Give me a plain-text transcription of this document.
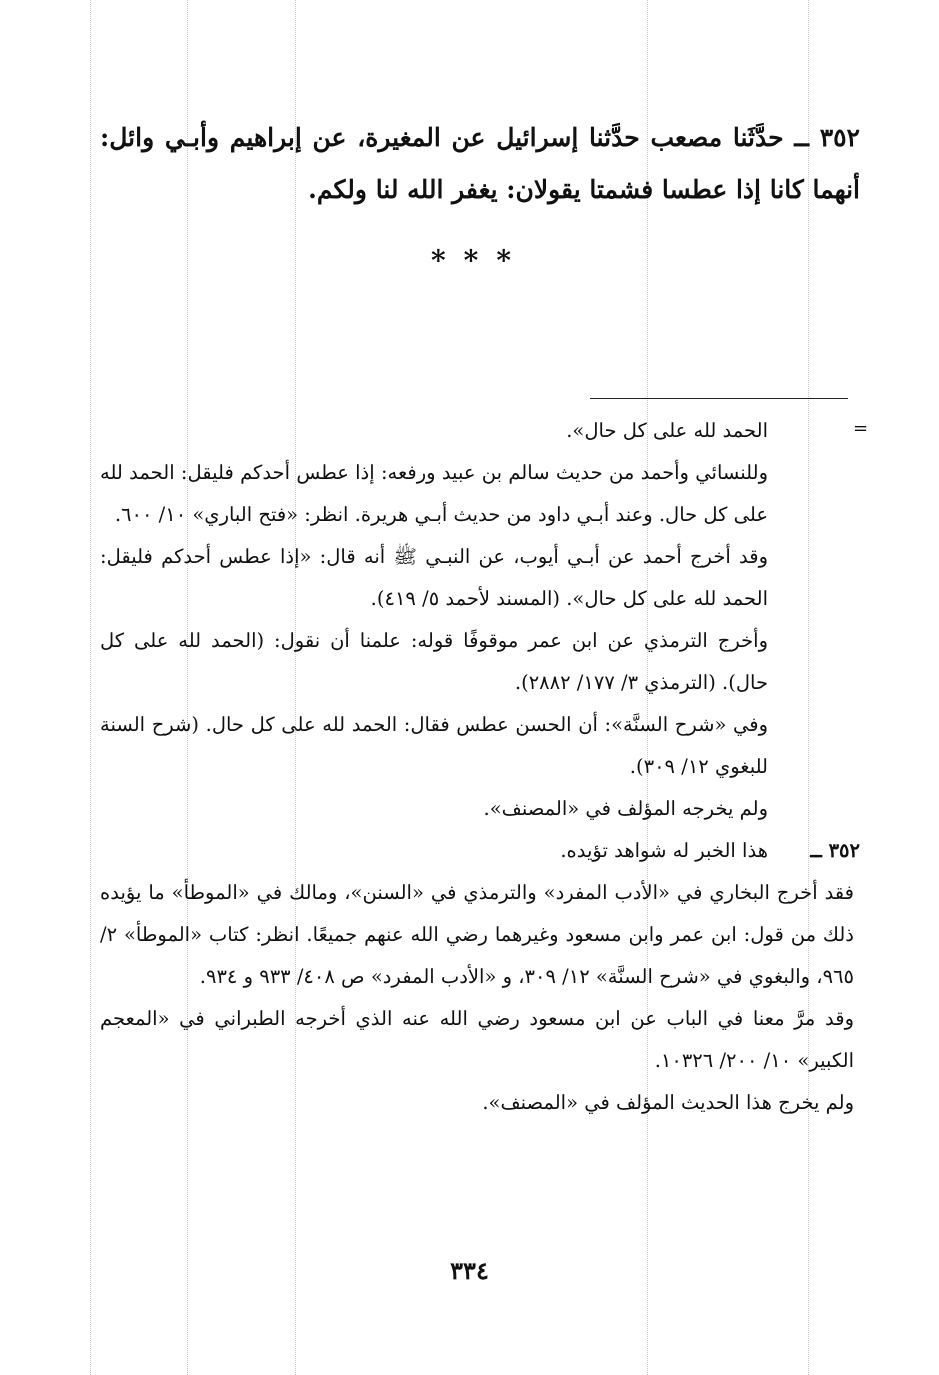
٣٥٢ ــ حدَّثَنا مصعب حدَّثنا إسرائيل عن المغيرة، عن إبراهيم وأبـي وائل: أنهما كانا إذا عطسا فشمتا يقولان: يغفر الله لنا ولكم.

***
=

الحمد لله على كل حال».

وللنسائي وأحمد من حديث سالم بن عبيد ورفعه: إذا عطس أحدكم فليقل: الحمد لله على كل حال. وعند أبـي داود من حديث أبـي هريرة. انظر: «فتح الباري» ١٠/ ٦٠٠.

وقد أخرج أحمد عن أبـي أيوب، عن النبـي ﷺ أنه قال: «إذا عطس أحدكم فليقل: الحمد لله على كل حال». (المسند لأحمد ٥/ ٤١٩).

وأخرج الترمذي عن ابن عمر موقوفًا قوله: علمنا أن نقول: (الحمد لله على كل حال). (الترمذي ٣/ ١٧٧/ ٢٨٨٢).

وفي «شرح السنَّة»: أن الحسن عطس فقال: الحمد لله على كل حال. (شرح السنة للبغوي ١٢/ ٣٠٩).

ولم يخرجه المؤلف في «المصنف».

٣٥٢ ــ

هذا الخبر له شواهد تؤيده.

فقد أخرج البخاري في «الأدب المفرد» والترمذي في «السنن»، ومالك في «الموطأ» ما يؤيده ذلك من قول: ابن عمر وابن مسعود وغيرهما رضي الله عنهم جميعًا. انظر: كتاب «الموطأ» ٢/ ٩٦٥، والبغوي في «شرح السنَّة» ١٢/ ٣٠٩، و «الأدب المفرد» ص ٤٠٨/ ٩٣٣ و ٩٣٤.

وقد مرَّ معنا في الباب عن ابن مسعود رضي الله عنه الذي أخرجه الطبراني في «المعجم الكبير» ١٠/ ٢٠٠/ ١٠٣٢٦.

ولم يخرج هذا الحديث المؤلف في «المصنف».

٣٣٤
